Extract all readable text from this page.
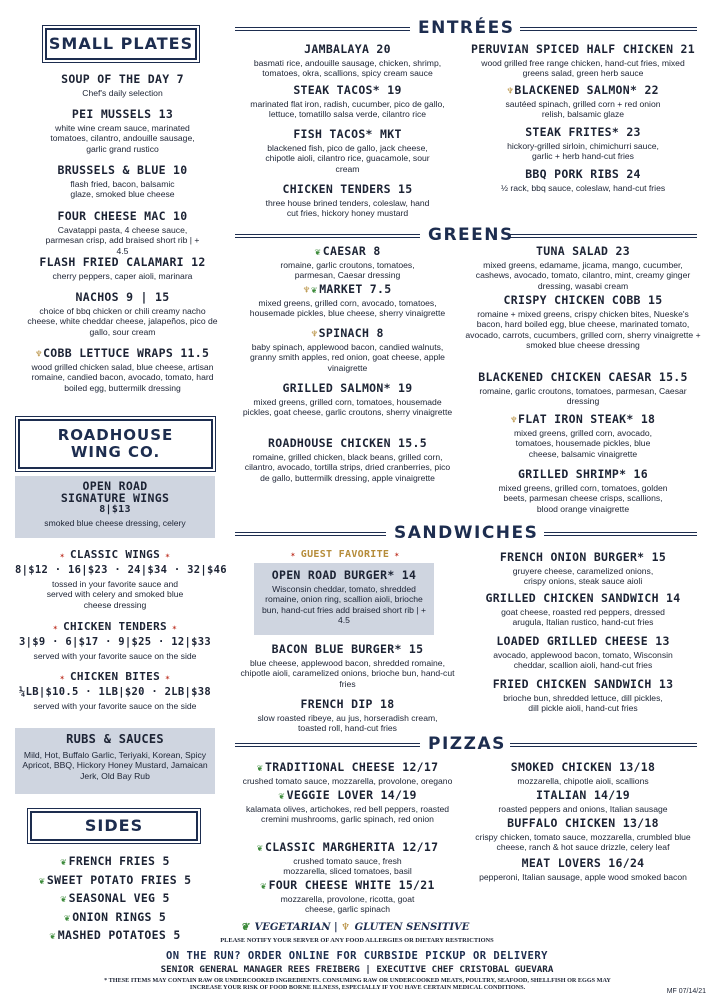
SMALL PLATES
SOUP OF THE DAY 7
Chef's daily selection
PEI MUSSELS 13
white wine cream sauce, marinated tomatoes, cilantro, andouille sausage, garlic grand rustico
BRUSSELS & BLUE 10
flash fried, bacon, balsamic glaze, smoked blue cheese
FOUR CHEESE MAC 10
Cavatappi pasta, 4 cheese sauce, parmesan crisp, add braised short rib | + 4.5
FLASH FRIED CALAMARI 12
cherry peppers, caper aioli, marinara
NACHOS 9 | 15
choice of bbq chicken or chili creamy nacho cheese, white cheddar cheese, jalapeños, pico de gallo, sour cream
♆COBB LETTUCE WRAPS 11.5
wood grilled chicken salad, blue cheese, artisan romaine, candied bacon, avocado, tomato, hard boiled egg, buttermilk dressing
ROADHOUSE
WING CO.
OPEN ROAD
SIGNATURE WINGS
8|$13
smoked blue cheese dressing, celery
✶ CLASSIC WINGS ✶
8|$12 · 16|$23 · 24|$34 · 32|$46
tossed in your favorite sauce and served with celery and smoked blue cheese dressing
✶ CHICKEN TENDERS ✶
3|$9 · 6|$17 · 9|$25 · 12|$33
served with your favorite sauce on the side
✶ CHICKEN BITES ✶
¼LB|$10.5 · 1LB|$20 · 2LB|$38
served with your favorite sauce on the side
RUBS & SAUCES
Mild, Hot, Buffalo Garlic, Teriyaki, Korean, Spicy Apricot, BBQ, Hickory Honey Mustard, Jamaican Jerk, Old Bay Rub
SIDES
❦ FRENCH FRIES 5
❦ SWEET POTATO FRIES 5
❦ SEASONAL VEG 5
❦ ONION RINGS 5
❦ MASHED POTATOES 5
ENTRÉES
JAMBALAYA 20
basmati rice, andouille sausage, chicken, shrimp, tomatoes, okra, scallions, spicy cream sauce
STEAK TACOS* 19
marinated flat iron, radish, cucumber, pico de gallo, lettuce, tomatillo salsa verde, cilantro rice
FISH TACOS* MKT
blackened fish, pico de gallo, jack cheese, chipotle aioli, cilantro rice, guacamole, sour cream
CHICKEN TENDERS 15
three house brined tenders, coleslaw, hand cut fries, hickory honey mustard
PERUVIAN SPICED HALF CHICKEN 21
wood grilled free range chicken, hand-cut fries, mixed greens salad, green herb sauce
♆BLACKENED SALMON* 22
sautéed spinach, grilled corn + red onion relish, balsamic glaze
STEAK FRITES* 23
hickory-grilled sirloin, chimichurri sauce, garlic + herb hand-cut fries
BBQ PORK RIBS 24
½ rack, bbq sauce, coleslaw, hand-cut fries
GREENS
❦ CAESAR 8
romaine, garlic croutons, tomatoes, parmesan, Caesar dressing
♆❦ MARKET 7.5
mixed greens, grilled corn, avocado, tomatoes, housemade pickles, blue cheese, sherry vinaigrette
♆SPINACH 8
baby spinach, applewood bacon, candied walnuts, granny smith apples, red onion, goat cheese, apple vinaigrette
GRILLED SALMON* 19
mixed greens, grilled corn, tomatoes, housemade pickles, goat cheese, garlic croutons, sherry vinaigrette
ROADHOUSE CHICKEN 15.5
romaine, grilled chicken, black beans, grilled corn, cilantro, avocado, tortilla strips, dried cranberries, pico de gallo, buttermilk dressing, apple vinaigrette
TUNA SALAD 23
mixed greens, edamame, jicama, mango, cucumber, cashews, avocado, tomato, cilantro, mint, creamy ginger dressing, wasabi cream
CRISPY CHICKEN COBB 15
romaine + mixed greens, crispy chicken bites, Nueske's bacon, hard boiled egg, blue cheese, marinated tomato, avocado, carrots, cucumbers, grilled corn, sherry vinaigrette + smoked blue cheese dressing
BLACKENED CHICKEN CAESAR 15.5
romaine, garlic croutons, tomatoes, parmesan, Caesar dressing
♆FLAT IRON STEAK* 18
mixed greens, grilled corn, avocado, tomatoes, housemade pickles, blue cheese, balsamic vinaigrette
GRILLED SHRIMP* 16
mixed greens, grilled corn, tomatoes, golden beets, parmesan cheese crisps, scallions, blood orange vinaigrette
SANDWICHES
✶ GUEST FAVORITE ✶
OPEN ROAD BURGER* 14
Wisconsin cheddar, tomato, shredded romaine, onion ring, scallion aioli, brioche bun, hand-cut fries add braised short rib | + 4.5
BACON BLUE BURGER* 15
blue cheese, applewood bacon, shredded romaine, chipotle aioli, caramelized onions, brioche bun, hand-cut fries
FRENCH DIP 18
slow roasted ribeye, au jus, horseradish cream, toasted roll, hand-cut fries
FRENCH ONION BURGER* 15
gruyere cheese, caramelized onions, crispy onions, steak sauce aioli
GRILLED CHICKEN SANDWICH 14
goat cheese, roasted red peppers, dressed arugula, Italian rustico, hand-cut fries
LOADED GRILLED CHEESE 13
avocado, applewood bacon, tomato, Wisconsin cheddar, scallion aioli, hand-cut fries
FRIED CHICKEN SANDWICH 13
brioche bun, shredded lettuce, dill pickles, dill pickle aioli, hand-cut fries
PIZZAS
❦ TRADITIONAL CHEESE 12/17
crushed tomato sauce, mozzarella, provolone, oregano
❦ VEGGIE LOVER 14/19
kalamata olives, artichokes, red bell peppers, roasted cremini mushrooms, garlic spinach, red onion
❦ CLASSIC MARGHERITA 12/17
crushed tomato sauce, fresh mozzarella, sliced tomatoes, basil
❦ FOUR CHEESE WHITE 15/21
mozzarella, provolone, ricotta, goat cheese, garlic spinach
SMOKED CHICKEN 13/18
mozzarella, chipotle aioli, scallions
ITALIAN 14/19
roasted peppers and onions, Italian sausage
BUFFALO CHICKEN 13/18
crispy chicken, tomato sauce, mozzarella, crumbled blue cheese, ranch & hot sauce drizzle, celery leaf
MEAT LOVERS 16/24
pepperoni, Italian sausage, apple wood smoked bacon
❦ VEGETARIAN | ♆ GLUTEN SENSITIVE
PLEASE NOTIFY YOUR SERVER OF ANY FOOD ALLERGIES OR DIETARY RESTRICTIONS
ON THE RUN? ORDER ONLINE FOR CURBSIDE PICKUP OR DELIVERY
SENIOR GENERAL MANAGER REES FREIBERG | EXECUTIVE CHEF CRISTOBAL GUEVARA
* THESE ITEMS MAY CONTAIN RAW OR UNDERCOOKED INGREDIENTS. CONSUMING RAW OR UNDERCOOKED MEATS, POULTRY, SEAFOOD, SHELLFISH OR EGGS MAY INCREASE YOUR RISK OF FOOD BORNE ILLNESS, ESPECIALLY IF YOU HAVE CERTAIN MEDICAL CONDITIONS.
MF 07/14/21
